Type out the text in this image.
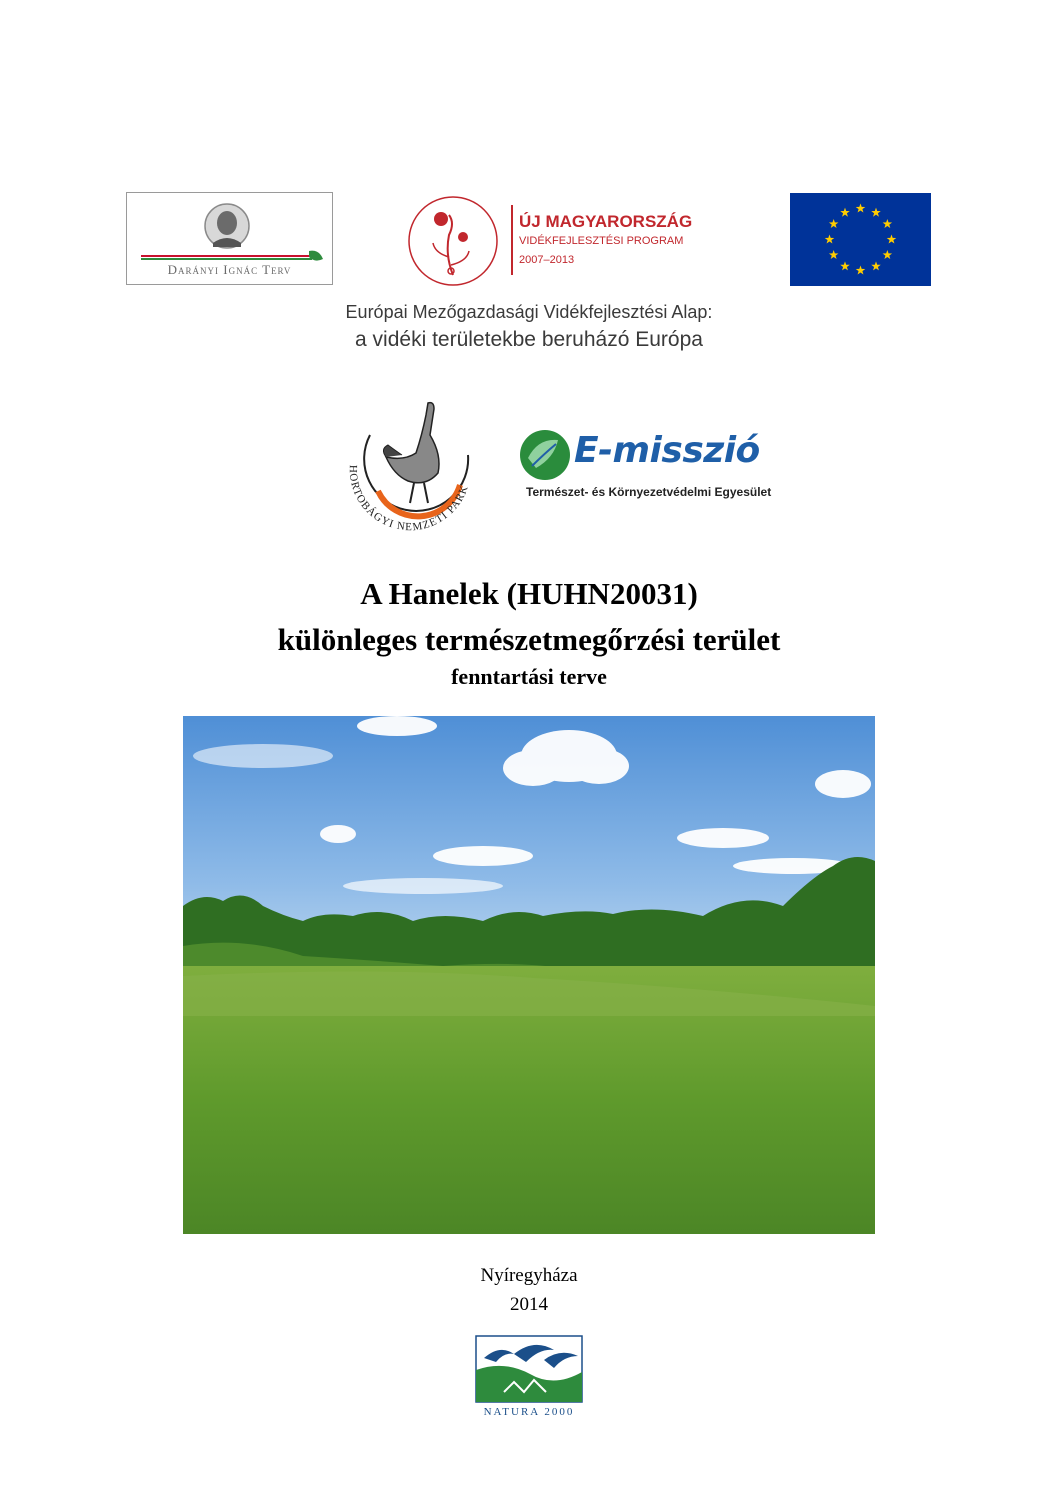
Darányi Ignác Terv
ÚJ MAGYARORSZÁG
VIDÉKFEJLESZTÉSI PROGRAM
2007–2013
Európai Mezőgazdasági Vidékfejlesztési Alap:
a vidéki területekbe beruházó Európa
HORTOBÁGYI NEMZETI PARK
E-misszió
Természet- és Környezetvédelmi Egyesület
A Hanelek (HUHN20031)
különleges természetmegőrzési terület
fenntartási terve
Nyíregyháza
2014
NATURA 2000
